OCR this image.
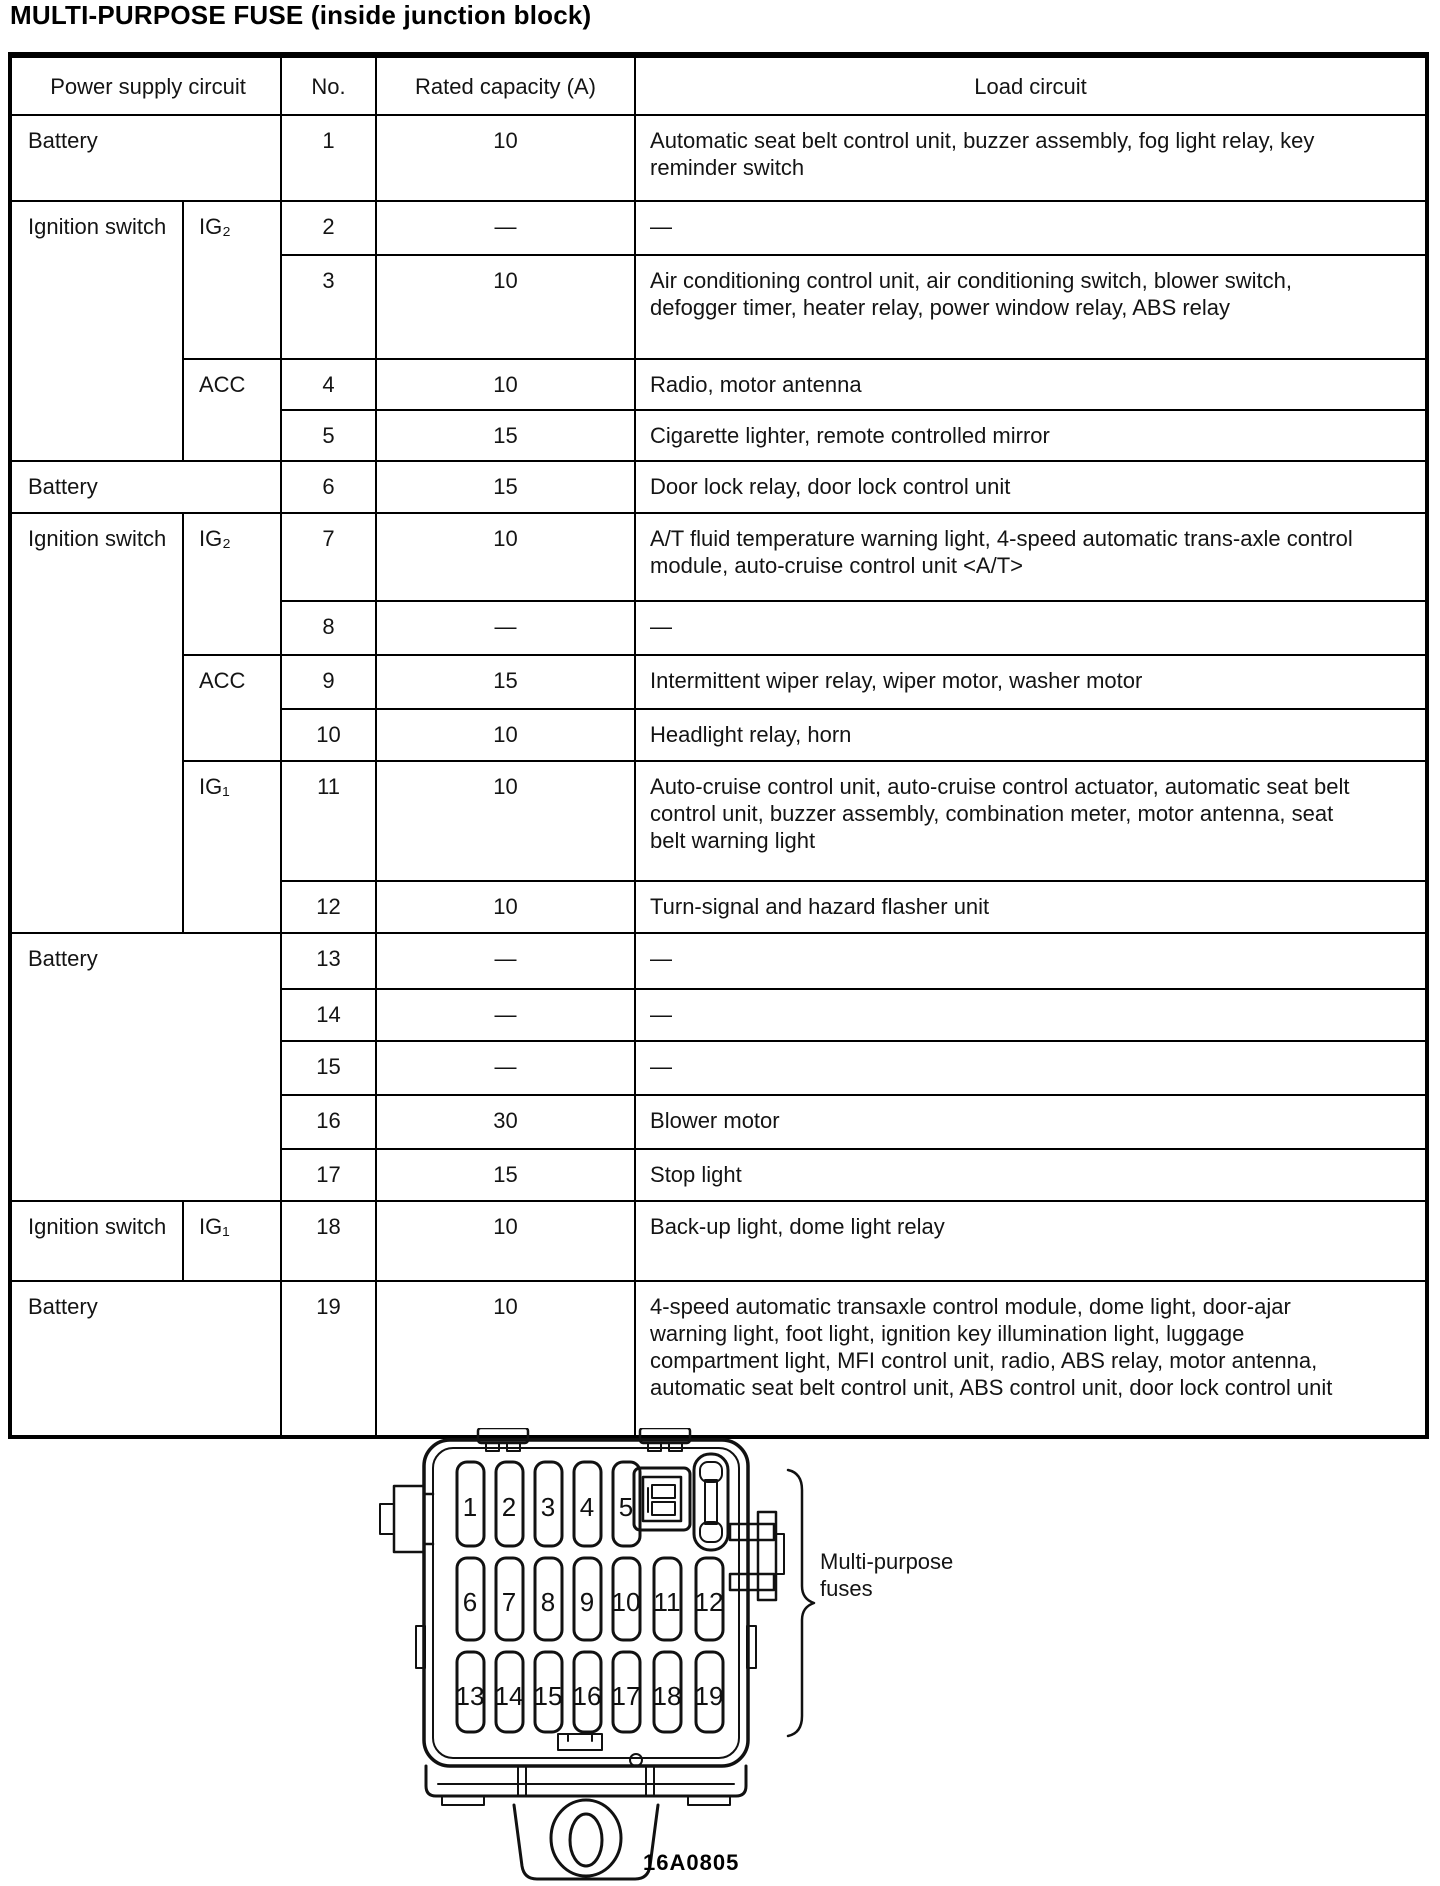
MULTI-PURPOSE FUSE (inside junction block)
Power supply circuit		No.	Rated capacity (A)	Load circuit
Battery		1	10	Automatic seat belt control unit, buzzer assembly, fog light relay, key reminder switch
Ignition switch	IG₂	2	—	—
		3	10	Air conditioning control unit, air conditioning switch, blower switch, defogger timer, heater relay, power window relay, ABS relay
	ACC	4	10	Radio, motor antenna
		5	15	Cigarette lighter, remote controlled mirror
Battery		6	15	Door lock relay, door lock control unit
Ignition switch	IG₂	7	10	A/T fluid temperature warning light, 4-speed automatic trans-axle control module, auto-cruise control unit <A/T>
		8	—	—
	ACC	9	15	Intermittent wiper relay, wiper motor, washer motor
		10	10	Headlight relay, horn
	IG₁	11	10	Auto-cruise control unit, auto-cruise control actuator, automatic seat belt control unit, buzzer assembly, combination meter, motor antenna, seat belt warning light
		12	10	Turn-signal and hazard flasher unit
Battery		13	—	—
		14	—	—
		15	—	—
		16	30	Blower motor
		17	15	Stop light
Ignition switch	IG₁	18	10	Back-up light, dome light relay
Battery		19	10	4-speed automatic transaxle control module, dome light, door-ajar warning light, foot light, ignition key illumination light, luggage compartment light, MFI control unit, radio, ABS relay, motor antenna, automatic seat belt control unit, ABS control unit, door lock control unit
1 2 3 4 5
6 7 8 9 10 11 12
13 14 15 16 17 18 19
Multi-purpose fuses
16A0805
